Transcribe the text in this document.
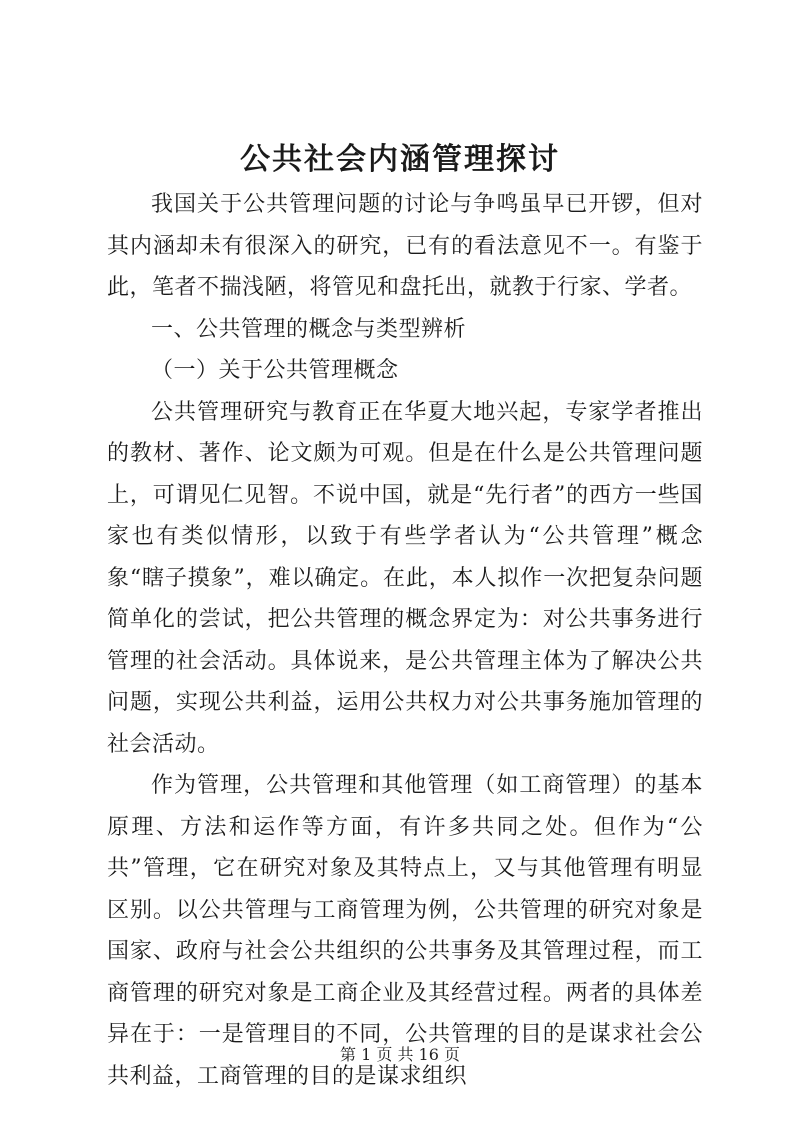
公共社会内涵管理探讨

我国关于公共管理问题的讨论与争鸣虽早已开锣，但对其内涵却未有很深入的研究，已有的看法意见不一。有鉴于此，笔者不揣浅陋，将管见和盘托出，就教于行家、学者。

一、公共管理的概念与类型辨析

（一）关于公共管理概念

公共管理研究与教育正在华夏大地兴起，专家学者推出的教材、著作、论文颇为可观。但是在什么是公共管理问题上，可谓见仁见智。不说中国，就是“先行者”的西方一些国家也有类似情形，以致于有些学者认为“公共管理”概念象“瞎子摸象”，难以确定。在此，本人拟作一次把复杂问题简单化的尝试，把公共管理的概念界定为：对公共事务进行管理的社会活动。具体说来，是公共管理主体为了解决公共问题，实现公共利益，运用公共权力对公共事务施加管理的社会活动。

作为管理，公共管理和其他管理（如工商管理）的基本原理、方法和运作等方面，有许多共同之处。但作为“公共”管理，它在研究对象及其特点上，又与其他管理有明显区别。以公共管理与工商管理为例，公共管理的研究对象是国家、政府与社会公共组织的公共事务及其管理过程，而工商管理的研究对象是工商企业及其经营过程。两者的具体差异在于：一是管理目的不同，公共管理的目的是谋求社会公共利益，工商管理的目的是谋求组织

第 1 页 共 16 页
